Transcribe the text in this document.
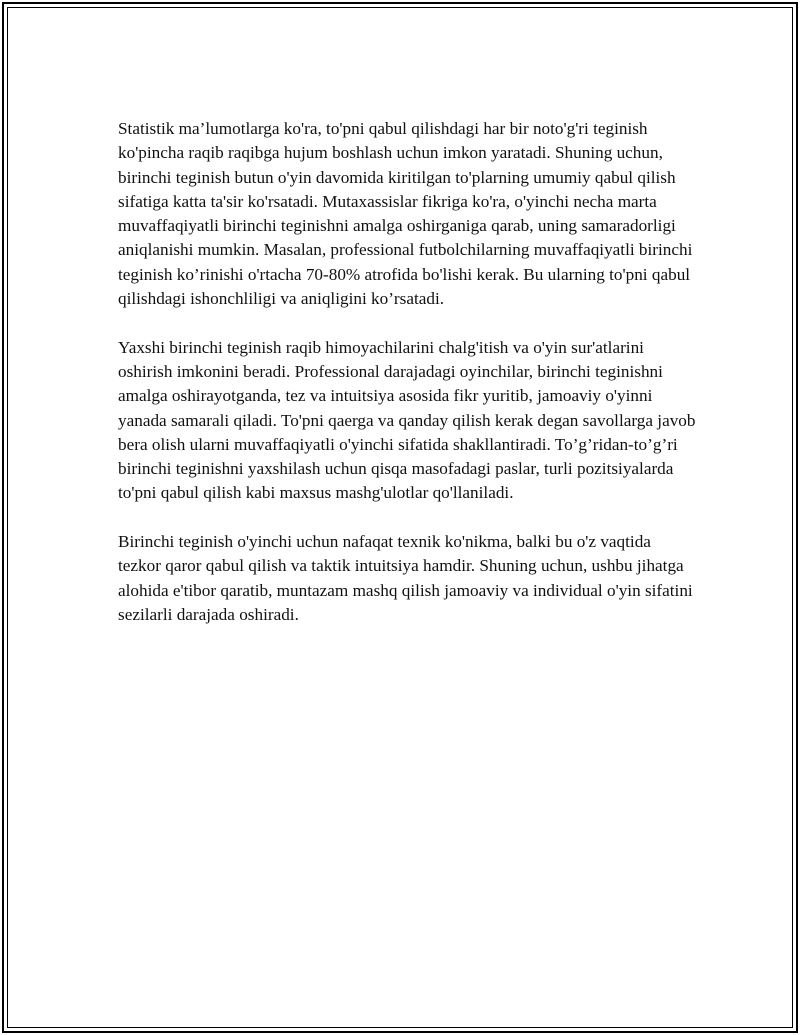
Statistik ma’lumotlarga ko'ra, to'pni qabul qilishdagi har bir noto'g'ri teginish ko'pincha raqib raqibga hujum boshlash uchun imkon yaratadi. Shuning uchun, birinchi teginish butun o'yin davomida kiritilgan to'plarning umumiy qabul qilish sifatiga katta ta'sir ko'rsatadi. Mutaxassislar fikriga ko'ra, o'yinchi necha marta muvaffaqiyatli birinchi teginishni amalga oshirganiga qarab, uning samaradorligi aniqlanishi mumkin. Masalan, professional futbolchilarning muvaffaqiyatli birinchi teginish ko’rinishi o'rtacha 70-80% atrofida bo'lishi kerak. Bu ularning to'pni qabul qilishdagi ishonchliligi va aniqligini ko’rsatadi.

Yaxshi birinchi teginish raqib himoyachilarini chalg'itish va o'yin sur'atlarini oshirish imkonini beradi. Professional darajadagi oyinchilar, birinchi teginishni amalga oshirayotganda, tez va intuitsiya asosida fikr yuritib, jamoaviy o'yinni yanada samarali qiladi. To'pni qaerga va qanday qilish kerak degan savollarga javob bera olish ularni muvaffaqiyatli o'yinchi sifatida shakllantiradi. To’g’ridan-to’g’ri birinchi teginishni yaxshilash uchun qisqa masofadagi paslar, turli pozitsiyalarda to'pni qabul qilish kabi maxsus mashg'ulotlar qo'llaniladi.

Birinchi teginish o'yinchi uchun nafaqat texnik ko'nikma, balki bu o'z vaqtida tezkor qaror qabul qilish va taktik intuitsiya hamdir. Shuning uchun, ushbu jihatga alohida e'tibor qaratib, muntazam mashq qilish jamoaviy va individual o'yin sifatini sezilarli darajada oshiradi.
